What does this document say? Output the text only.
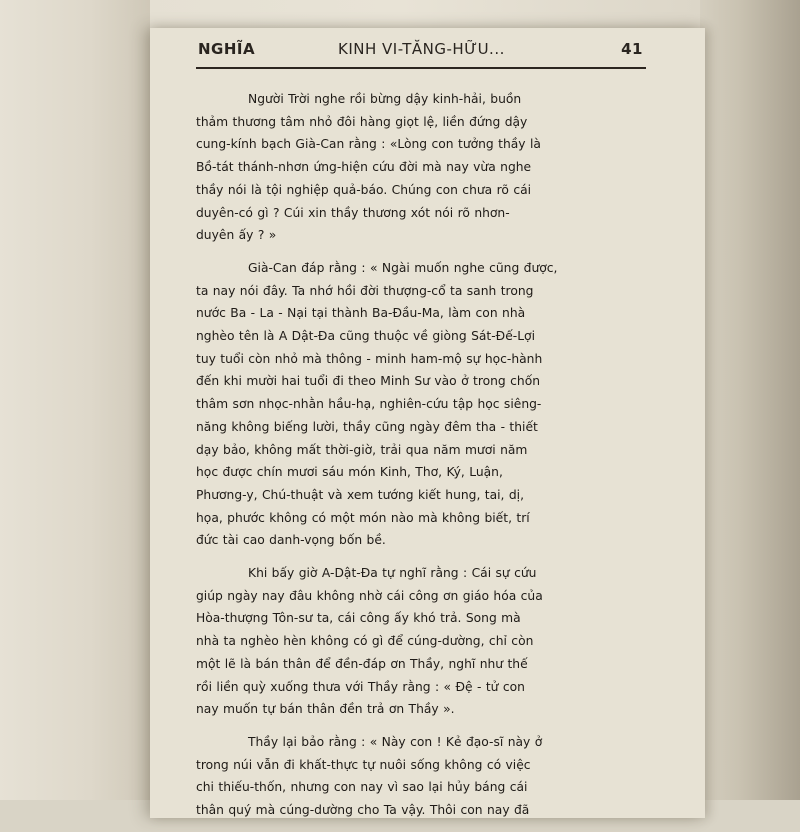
NGHĨA	KINH VI-TĂNG-HỮU...	41
Người Trời nghe rồi bừng dậy kinh-hải, buồn
thảm thương tâm nhỏ đôi hàng giọt lệ, liền đứng dậy
cung-kính bạch Già-Can rằng : «Lòng con tưởng thầy là
Bồ-tát thánh-nhơn ứng-hiện cứu đời mà nay vừa nghe
thầy nói là tội nghiệp quả-báo. Chúng con chưa rõ cái
duyên-có gì ? Cúi xin thầy thương xót nói rõ nhơn-
duyên ấy ? »
Già-Can đáp rằng : « Ngài muốn nghe cũng được,
ta nay nói đây. Ta nhớ hồi đời thượng-cổ ta sanh trong
nước Ba - La - Nại tại thành Ba-Đầu-Ma, làm con nhà
nghèo tên là A Dật-Đa cũng thuộc về giòng Sát-Đế-Lợi
tuy tuổi còn nhỏ mà thông - minh ham-mộ sự học-hành
đến khi mười hai tuổi đi theo Minh Sư vào ở trong chốn
thâm sơn nhọc-nhằn hầu-hạ, nghiên-cứu tập học siêng-
năng không biếng lười, thầy cũng ngày đêm tha - thiết
dạy bảo, không mất thời-giờ, trải qua năm mươi năm
học được chín mươi sáu món Kinh, Thơ, Ký, Luận,
Phương-y, Chú-thuật và xem tướng kiết hung, tai, dị,
họa, phước không có một món nào mà không biết, trí
đức tài cao danh-vọng bốn bề.
Khi bấy giờ A-Dật-Đa tự nghĩ rằng : Cái sự cứu
giúp ngày nay đâu không nhờ cái công ơn giáo hóa của
Hòa-thượng Tôn-sư ta, cái công ấy khó trả. Song mà
nhà ta nghèo hèn không có gì để cúng-dường, chỉ còn
một lẽ là bán thân để đền-đáp ơn Thầy, nghĩ như thế
rồi liền quỳ xuống thưa với Thầy rằng : « Đệ - tử con
nay muốn tự bán thân đền trả ơn Thầy ».
Thầy lại bảo rằng : « Này con ! Kẻ đạo-sĩ này ở
trong núi vẫn đi khất-thực tự nuôi sống không có việc
chi thiếu-thốn, nhưng con nay vì sao lại hủy báng cái
thân quý mà cúng-dường cho Ta vậy. Thôi con nay đã
